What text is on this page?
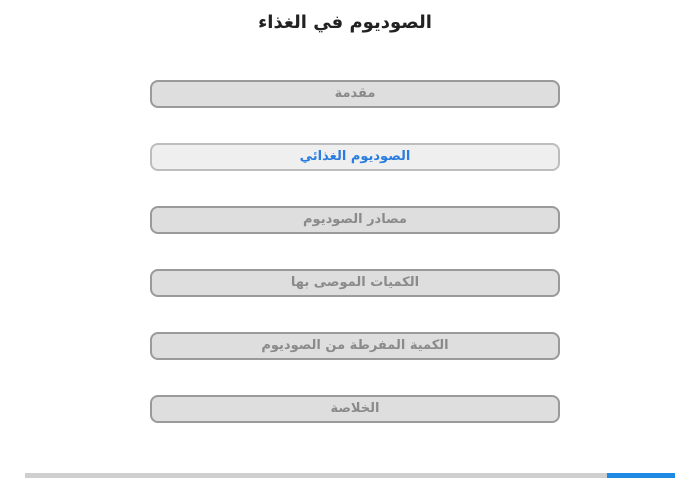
الصوديوم في الغذاء
مقدمة
الصوديوم الغذائي
مصادر الصوديوم
الكميات الموصى بها
الكمية المفرطة من الصوديوم
الخلاصة
